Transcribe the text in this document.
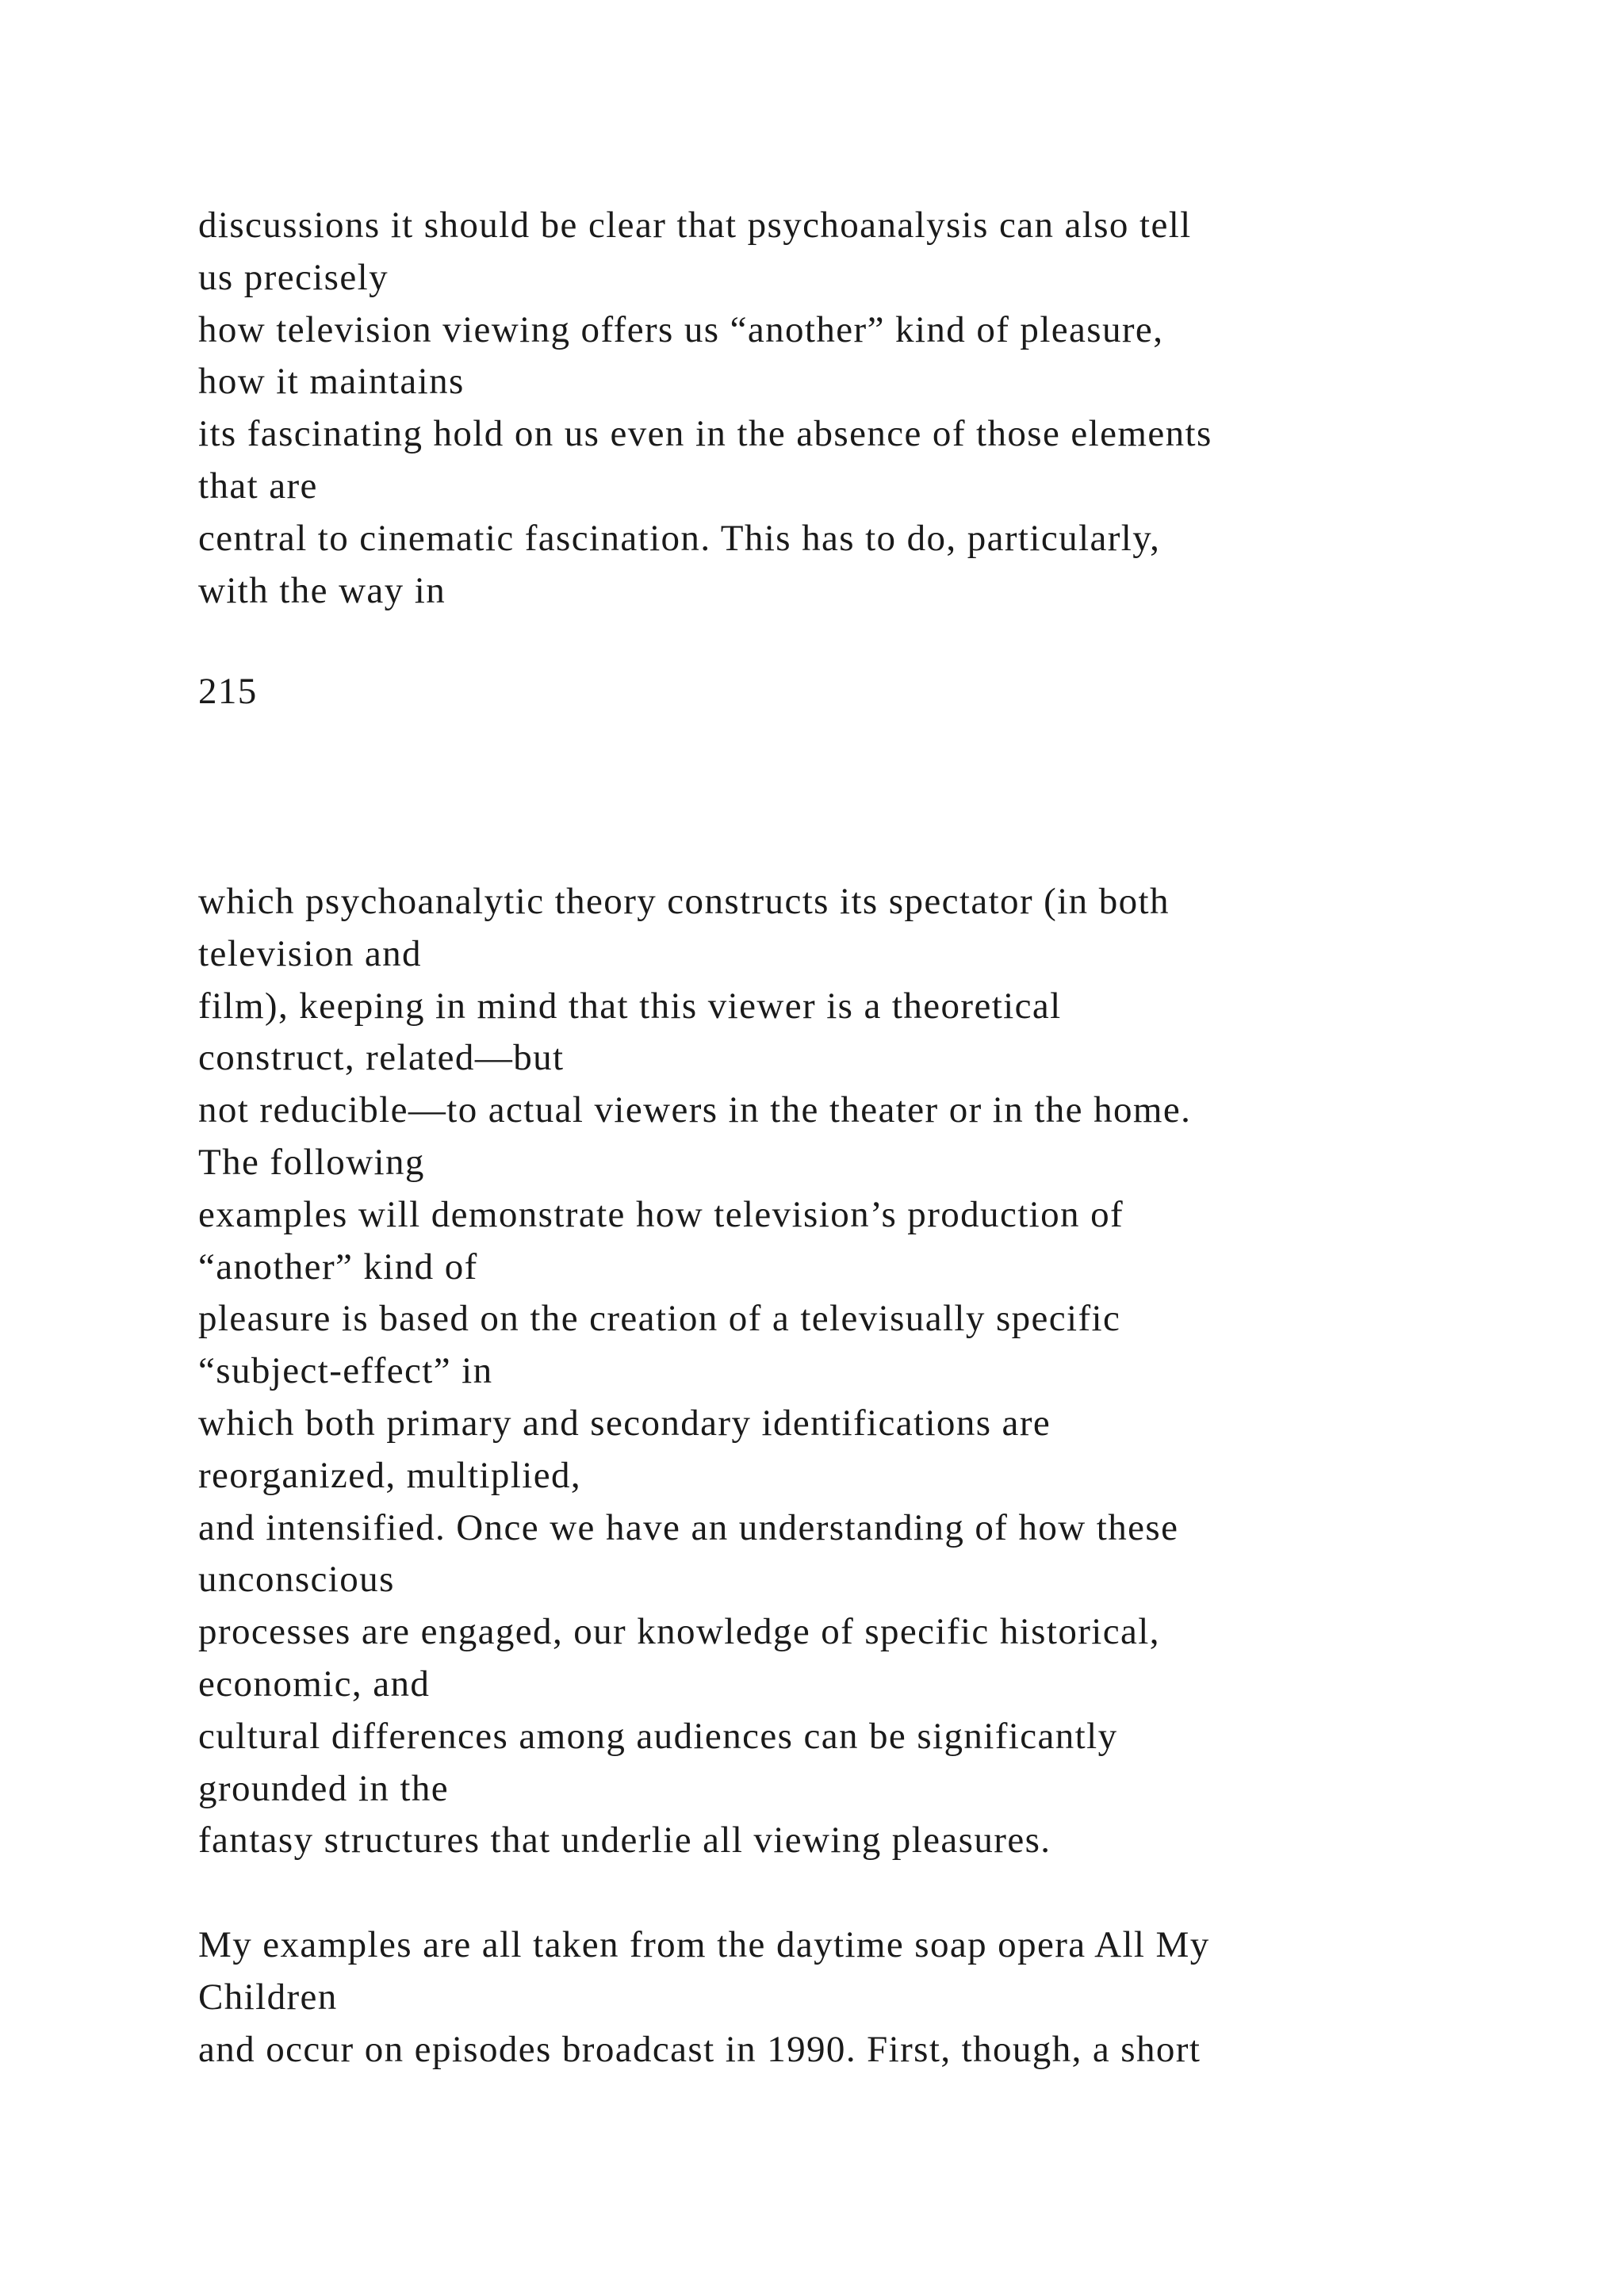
discussions it should be clear that psychoanalysis can also tell
us precisely
how television viewing offers us “another” kind of pleasure,
how it maintains
its fascinating hold on us even in the absence of those elements
that are
central to cinematic fascination. This has to do, particularly,
with the way in
215
which psychoanalytic theory constructs its spectator (in both
television and
film), keeping in mind that this viewer is a theoretical
construct, related—but
not reducible—to actual viewers in the theater or in the home.
The following
examples will demonstrate how television’s production of
“another” kind of
pleasure is based on the creation of a televisually specific
“subject-effect” in
which both primary and secondary identifications are
reorganized, multiplied,
and intensified. Once we have an understanding of how these
unconscious
processes are engaged, our knowledge of specific historical,
economic, and
cultural differences among audiences can be significantly
grounded in the
fantasy structures that underlie all viewing pleasures.
My examples are all taken from the daytime soap opera All My
Children
and occur on episodes broadcast in 1990. First, though, a short
